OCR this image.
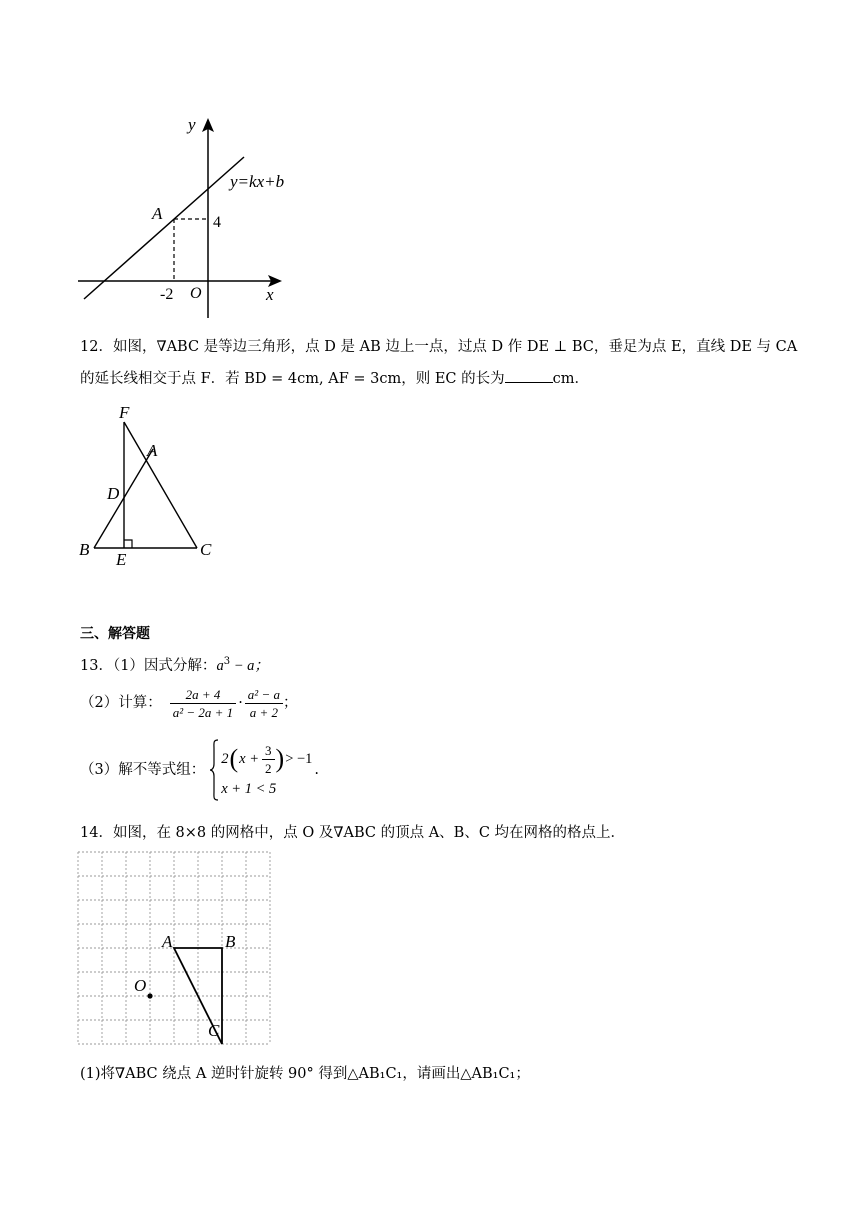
y
x
O
y=kx+b
A	4
-2
12．如图，∇ABC 是等边三角形，点 D 是 AB 边上一点，过点 D 作 DE ⊥ BC，垂足为点 E，直线 DE 与 CA
的延长线相交于点 F．若 BD = 4cm, AF = 3cm，则 EC 的长为	cm．
F
A
D
B
E
C
三、解答题
13．（1）因式分解：$a^3 - a$；
（2）计算： $\frac{2a + 4}{\text{a² − 2a + 1}} \cdot \frac{\text{a² − a}}{a + 2}$ ；
（3）解不等式组：
2 ( $x + \frac{3}{2}$ ) > −1
x + 1 < 5
.
14．如图，在 8×8 的网格中，点 O 及∇ABC 的顶点 A、B、C 均在网格的格点上．
A	B
C
O
(1)将∇ABC 绕点 A 逆时针旋转 90° 得到△AB₁C₁，请画出△AB₁C₁；
